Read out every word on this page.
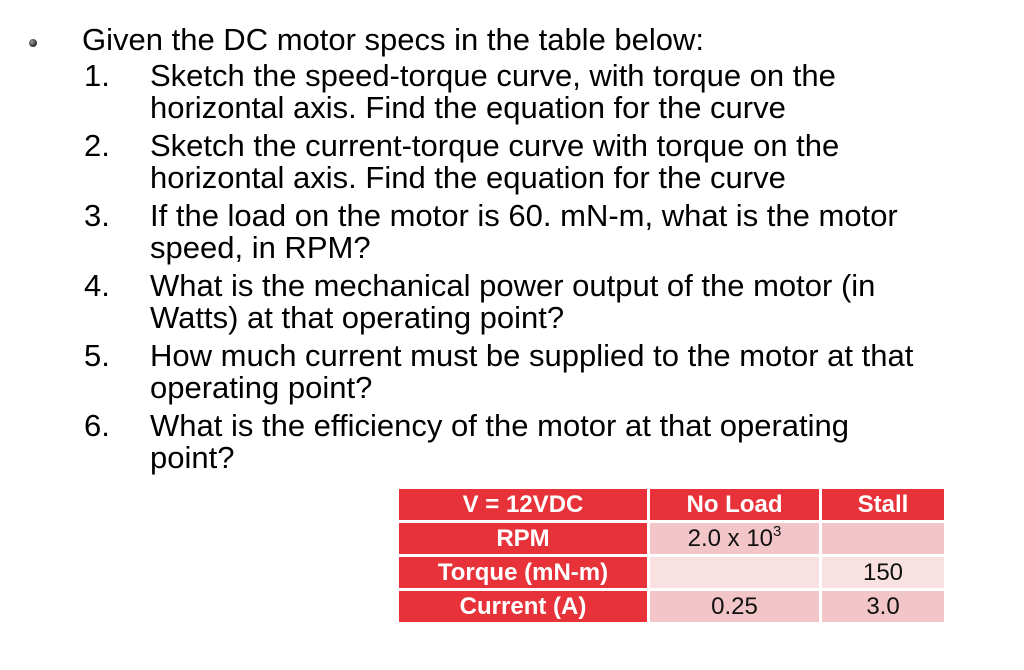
Given the DC motor specs in the table below:
1. Sketch the speed-torque curve, with torque on the
horizontal axis. Find the equation for the curve
2. Sketch the current-torque curve with torque on the
horizontal axis. Find the equation for the curve
3. If the load on the motor is 60. mN-m, what is the motor
speed, in RPM?
4. What is the mechanical power output of the motor (in
Watts) at that operating point?
5. How much current must be supplied to the motor at that
operating point?
6. What is the efficiency of the motor at that operating
point?
V = 12VDC	No Load	Stall
RPM	2.0 x $10^3$	
Torque (mN-m)		150
Current (A)	0.25	3.0
